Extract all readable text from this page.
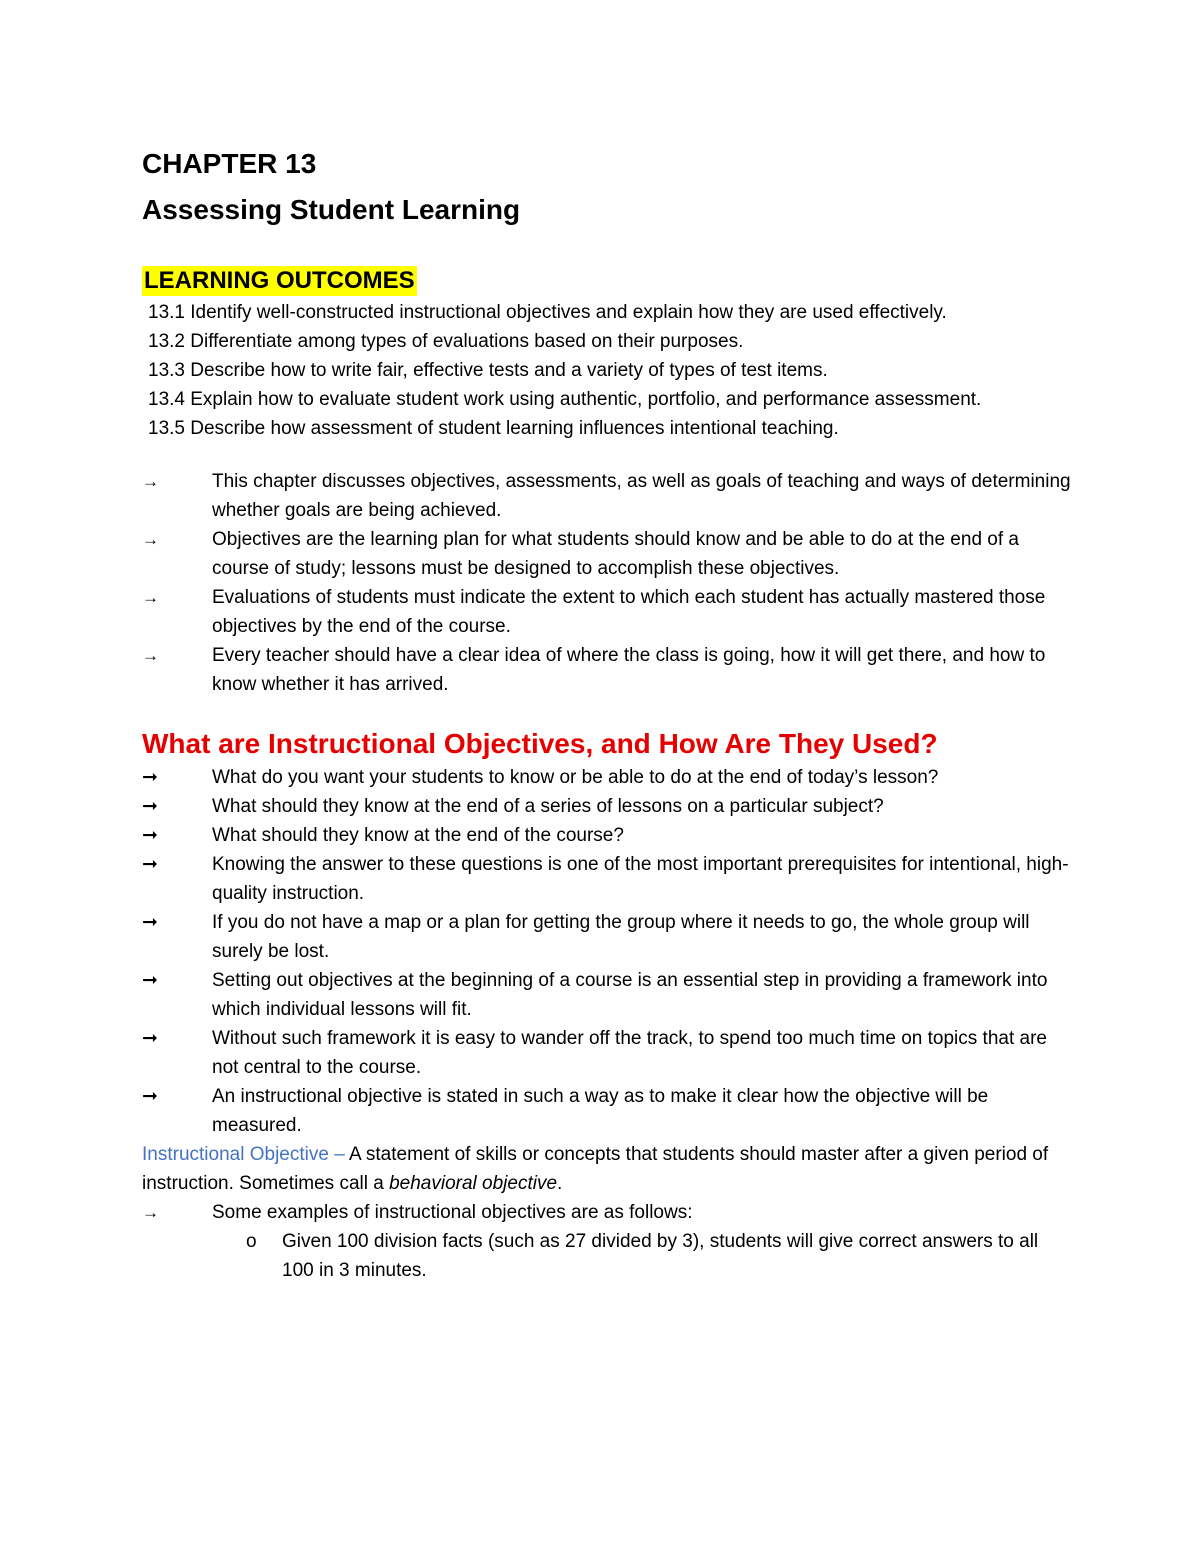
CHAPTER 13
Assessing Student Learning
LEARNING OUTCOMES
13.1 Identify well-constructed instructional objectives and explain how they are used effectively.
13.2 Differentiate among types of evaluations based on their purposes.
13.3 Describe how to write fair, effective tests and a variety of types of test items.
13.4 Explain how to evaluate student work using authentic, portfolio, and performance assessment.
13.5 Describe how assessment of student learning influences intentional teaching.
→	This chapter discusses objectives, assessments, as well as goals of teaching and ways of determining whether goals are being achieved.
→	Objectives are the learning plan for what students should know and be able to do at the end of a course of study; lessons must be designed to accomplish these objectives.
→	Evaluations of students must indicate the extent to which each student has actually mastered those objectives by the end of the course.
→	Every teacher should have a clear idea of where the class is going, how it will get there, and how to know whether it has arrived.
What are Instructional Objectives, and How Are They Used?
➞	What do you want your students to know or be able to do at the end of today’s lesson?
➞	What should they know at the end of a series of lessons on a particular subject?
➞	What should they know at the end of the course?
➞	Knowing the answer to these questions is one of the most important prerequisites for intentional, high-quality instruction.
➞	If you do not have a map or a plan for getting the group where it needs to go, the whole group will surely be lost.
➞	Setting out objectives at the beginning of a course is an essential step in providing a framework into which individual lessons will fit.
➞	Without such framework it is easy to wander off the track, to spend too much time on topics that are not central to the course.
➞	An instructional objective is stated in such a way as to make it clear how the objective will be measured.

Instructional Objective – A statement of skills or concepts that students should master after a given period of instruction. Sometimes call a behavioral objective.

→	Some examples of instructional objectives are as follows:
o	Given 100 division facts (such as 27 divided by 3), students will give correct answers to all 100 in 3 minutes.
